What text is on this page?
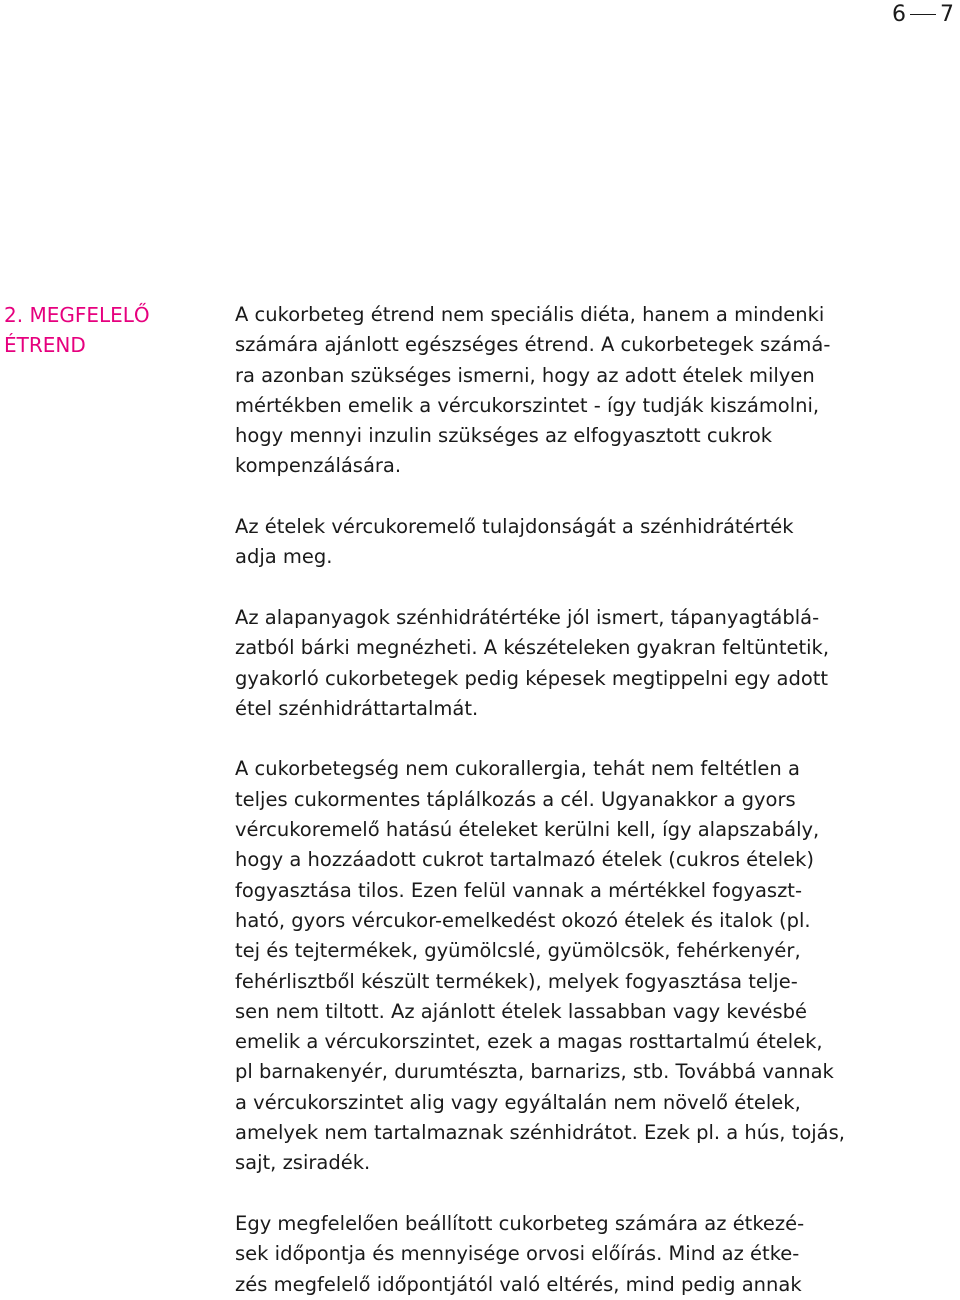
6 7
2. MEGFELELŐ
ÉTREND
A cukorbeteg étrend nem speciális diéta, hanem a mindenki
számára ajánlott egészséges étrend. A cukorbetegek számá-
ra azonban szükséges ismerni, hogy az adott ételek milyen
mértékben emelik a vércukorszintet - így tudják kiszámolni,
hogy mennyi inzulin szükséges az elfogyasztott cukrok
kompenzálására.
Az ételek vércukoremelő tulajdonságát a szénhidrátérték
adja meg.
Az alapanyagok szénhidrátértéke jól ismert, tápanyagtáblá-
zatból bárki megnézheti. A készételeken gyakran feltüntetik,
gyakorló cukorbetegek pedig képesek megtippelni egy adott
étel szénhidráttartalmát.
A cukorbetegség nem cukorallergia, tehát nem feltétlen a
teljes cukormentes táplálkozás a cél. Ugyanakkor a gyors
vércukoremelő hatású ételeket kerülni kell, így alapszabály,
hogy a hozzáadott cukrot tartalmazó ételek (cukros ételek)
fogyasztása tilos. Ezen felül vannak a mértékkel fogyaszt-
ható, gyors vércukor-emelkedést okozó ételek és italok (pl.
tej és tejtermékek, gyümölcslé, gyümölcsök, fehérkenyér,
fehérlisztből készült termékek), melyek fogyasztása telje-
sen nem tiltott. Az ajánlott ételek lassabban vagy kevésbé
emelik a vércukorszintet, ezek a magas rosttartalmú ételek,
pl barnakenyér, durumtészta, barnarizs, stb. Továbbá vannak
a vércukorszintet alig vagy egyáltalán nem növelő ételek,
amelyek nem tartalmaznak szénhidrátot. Ezek pl. a hús, tojás,
sajt, zsiradék.
Egy megfelelően beállított cukorbeteg számára az étkezé-
sek időpontja és mennyisége orvosi előírás. Mind az étke-
zés megfelelő időpontjától való eltérés, mind pedig annak
